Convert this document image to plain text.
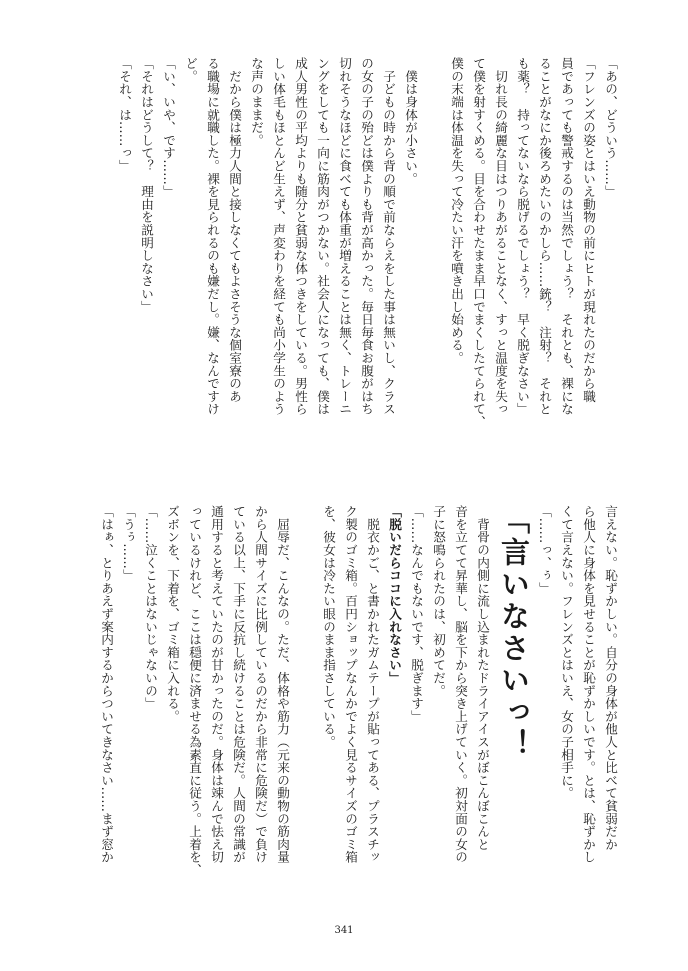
「あの、どういう……」
「フレンズの姿とはいえ動物の前にヒトが現れたのだから職
員であっても警戒するのは当然でしょう？　それとも、裸にな
ることがなにか後ろめたいのかしら……銃？　注射？　それと
も薬？　持ってないなら脱げるでしょう？　早く脱ぎなさい」
　切れ長の綺麗な目はつりあがることなく、すっと温度を失っ
て僕を射すくめる。目を合わせたまま早口でまくしたてられて、
僕の末端は体温を失って冷たい汗を噴き出し始める。
　僕は身体が小さい。
　子どもの時から背の順で前ならえをした事は無いし、クラス
の女の子の殆どは僕よりも背が高かった。毎日毎食お腹がはち
切れそうなほどに食べても体重が増えることは無く、トレーニ
ングをしても一向に筋肉がつかない。社会人になっても、僕は
成人男性の平均よりも随分と貧弱な体つきをしている。男性ら
しい体毛もほとんど生えず、声変わりを経ても尚小学生のよう
な声のままだ。
　だから僕は極力人間と接しなくてもよさそうな個室寮のあ
る職場に就職した。裸を見られるのも嫌だし。嫌、なんですけ
ど。
「い、いや、です……」
「それはどうして？　理由を説明しなさい」
「それ、は……っ」
言えない。恥ずかしい。自分の身体が他人と比べて貧弱だか
ら他人に身体を見せることが恥ずかしいです。とは、恥ずかし
くて言えない。フレンズとはいえ、女の子相手に。
「……っ、ぅ」
「言いなさいっ！
　背骨の内側に流し込まれたドライアイスがぼこんぼこんと
音を立てて昇華し、脳を下から突き上げていく。初対面の女の
子に怒鳴られたのは、初めてだ。
「……なんでもないです、脱ぎます」
「脱いだらココに入れなさい」
　脱衣かご、と書かれたガムテープが貼ってある、プラスチッ
ク製のゴミ箱。百円ショップなんかでよく見るサイズのゴミ箱
を、彼女は冷たい眼のまま指さしている。
　屈辱だ、こんなの。ただ、体格や筋力（元来の動物の筋肉量
から人間サイズに比例しているのだから非常に危険だ）で負け
ている以上、下手に反抗し続けることは危険だ。人間の常識が
通用すると考えていたのが甘かったのだ。身体は竦んで怯え切
っているけれど、ここは穏便に済ませる為素直に従う。上着を、
ズボンを、下着を、ゴミ箱に入れる。
「……泣くことはないじゃないの」
「うぅ……」
「はぁ、とりあえず案内するからついてきなさい……まず窓か
341
